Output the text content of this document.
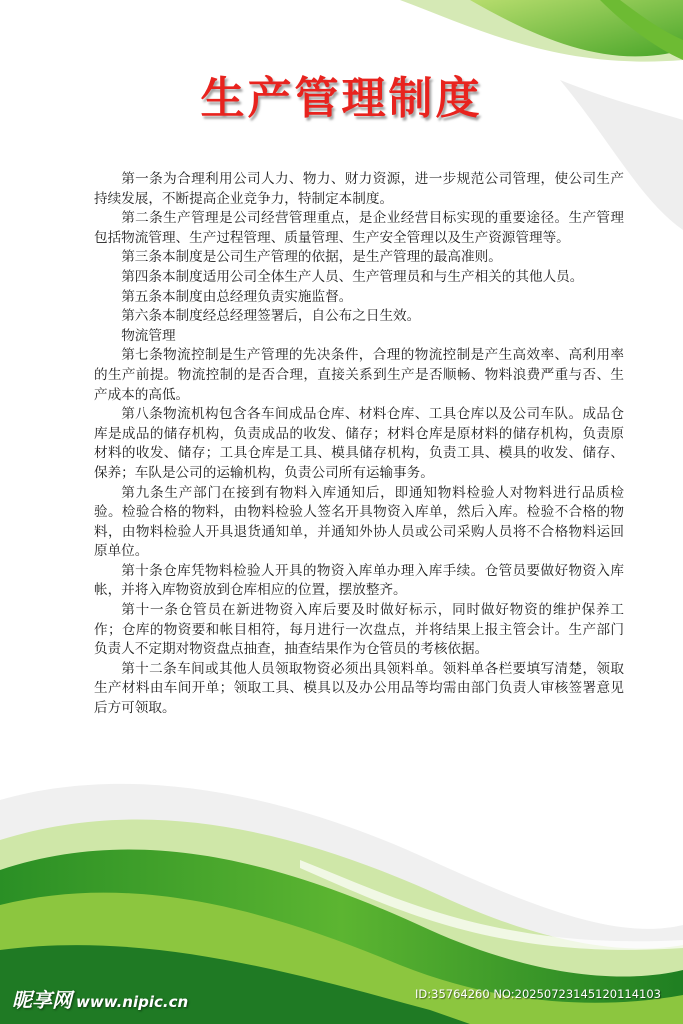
生产管理制度

第一条为合理利用公司人力、物力、财力资源，进一步规范公司管理，使公司生产持续发展，不断提高企业竞争力，特制定本制度。

第二条生产管理是公司经营管理重点，是企业经营目标实现的重要途径。生产管理包括物流管理、生产过程管理、质量管理、生产安全管理以及生产资源管理等。

第三条本制度是公司生产管理的依据，是生产管理的最高准则。

第四条本制度适用公司全体生产人员、生产管理员和与生产相关的其他人员。

第五条本制度由总经理负责实施监督。

第六条本制度经总经理签署后，自公布之日生效。

物流管理

第七条物流控制是生产管理的先决条件，合理的物流控制是产生高效率、高利用率的生产前提。物流控制的是否合理，直接关系到生产是否顺畅、物料浪费严重与否、生产成本的高低。

第八条物流机构包含各车间成品仓库、材料仓库、工具仓库以及公司车队。成品仓库是成品的储存机构，负责成品的收发、储存；材料仓库是原材料的储存机构，负责原材料的收发、储存；工具仓库是工具、模具储存机构，负责工具、模具的收发、储存、保养；车队是公司的运输机构，负责公司所有运输事务。

第九条生产部门在接到有物料入库通知后，即通知物料检验人对物料进行品质检验。检验合格的物料，由物料检验人签名开具物资入库单，然后入库。检验不合格的物料，由物料检验人开具退货通知单，并通知外协人员或公司采购人员将不合格物料运回原单位。

第十条仓库凭物料检验人开具的物资入库单办理入库手续。仓管员要做好物资入库帐，并将入库物资放到仓库相应的位置，摆放整齐。

第十一条仓管员在新进物资入库后要及时做好标示，同时做好物资的维护保养工作；仓库的物资要和帐目相符，每月进行一次盘点，并将结果上报主管会计。生产部门负责人不定期对物资盘点抽查，抽查结果作为仓管员的考核依据。

第十二条车间或其他人员领取物资必须出具领料单。领料单各栏要填写清楚，领取生产材料由车间开单；领取工具、模具以及办公用品等均需由部门负责人审核签署意见后方可领取。

昵享网 www.nipic.cn	ID:35764260 NO:20250723145120114103
